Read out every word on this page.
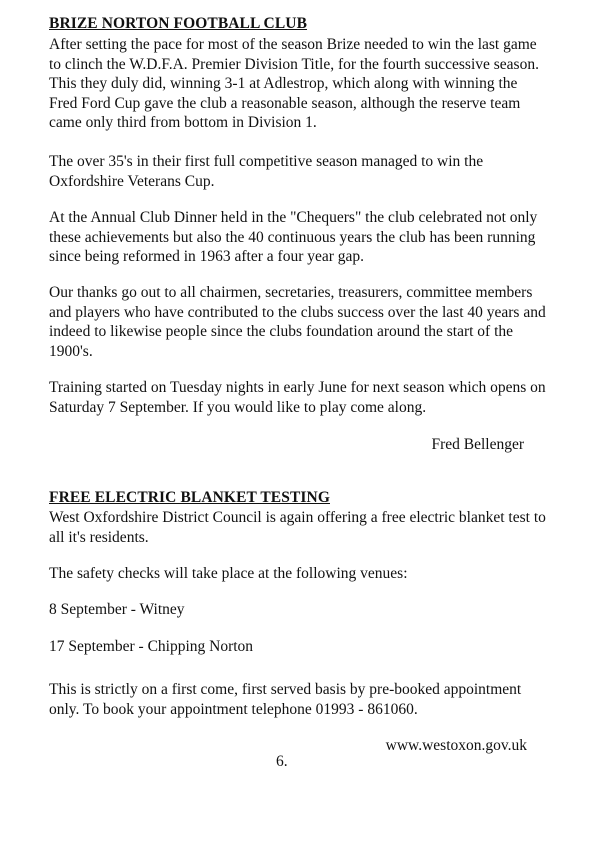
BRIZE NORTON FOOTBALL CLUB

After setting the pace for most of the season Brize needed to win the last game to clinch the W.D.F.A. Premier Division Title, for the fourth successive season. This they duly did, winning 3-1 at Adlestrop, which along with winning the Fred Ford Cup gave the club a reasonable season, although the reserve team came only third from bottom in Division 1.

The over 35's in their first full competitive season managed to win the Oxfordshire Veterans Cup.

At the Annual Club Dinner held in the "Chequers" the club celebrated not only these achievements but also the 40 continuous years the club has been running since being reformed in 1963 after a four year gap.

Our thanks go out to all chairmen, secretaries, treasurers, committee members and players who have contributed to the clubs success over the last 40 years and indeed to likewise people since the clubs foundation around the start of the 1900's.

Training started on Tuesday nights in early June for next season which opens on Saturday 7 September. If you would like to play come along.

Fred Bellenger
FREE ELECTRIC BLANKET TESTING

West Oxfordshire District Council is again offering a free electric blanket test to all it's residents.

The safety checks will take place at the following venues:

8 September - Witney

17 September - Chipping Norton

This is strictly on a first come, first served basis by pre-booked appointment only. To book your appointment telephone 01993 - 861060.

www.westoxon.gov.uk
6.
